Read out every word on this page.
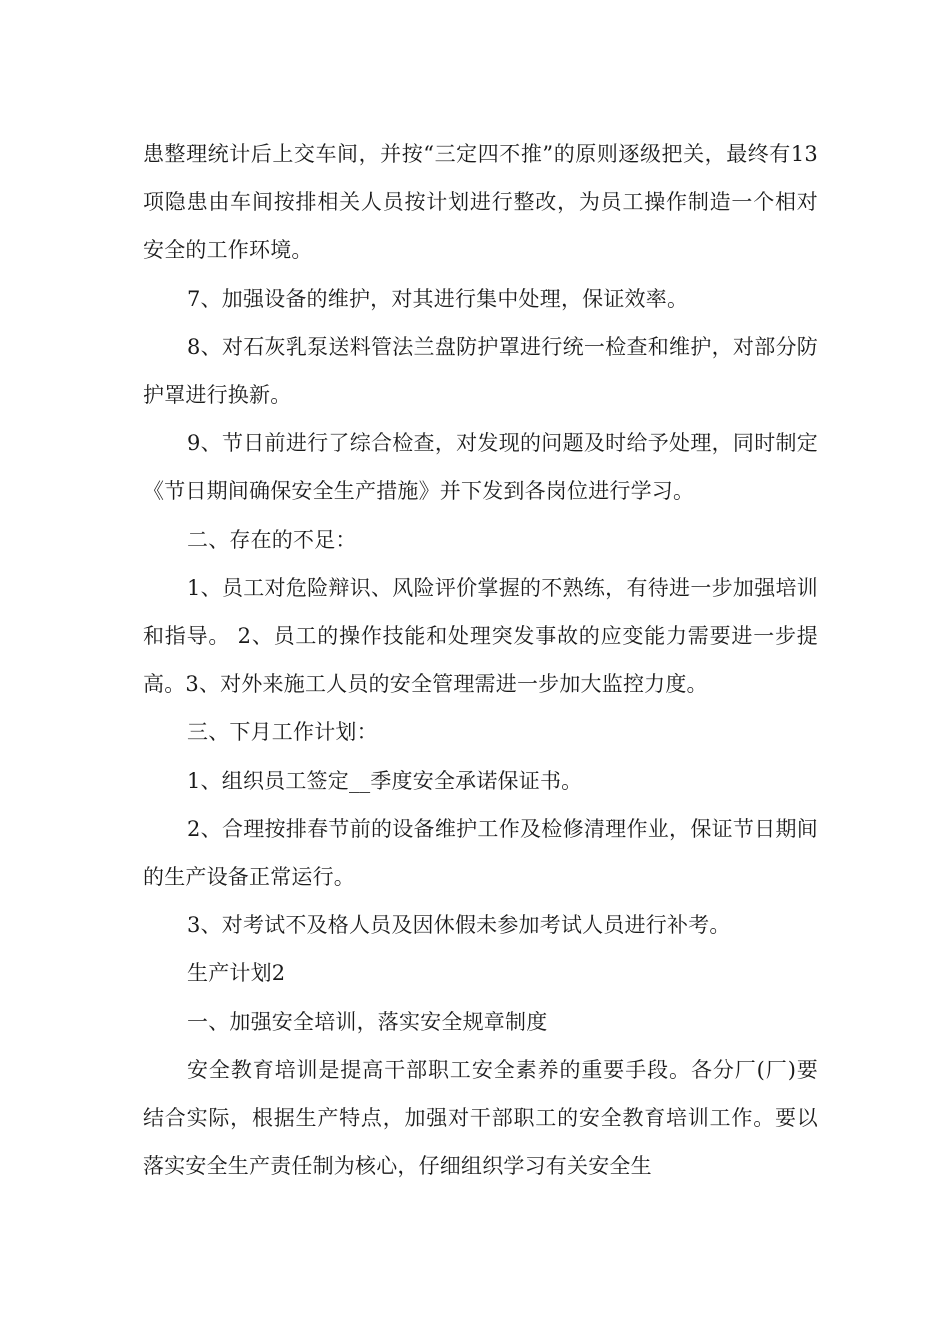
患整理统计后上交车间，并按“三定四不推”的原则逐级把关，最终有13项隐患由车间按排相关人员按计划进行整改，为员工操作制造一个相对安全的工作环境。

7、加强设备的维护，对其进行集中处理，保证效率。

8、对石灰乳泵送料管法兰盘防护罩进行统一检查和维护，对部分防护罩进行换新。

9、节日前进行了综合检查，对发现的问题及时给予处理，同时制定《节日期间确保安全生产措施》并下发到各岗位进行学习。

二、存在的不足：

1、员工对危险辩识、风险评价掌握的不熟练，有待进一步加强培训和指导。 2、员工的操作技能和处理突发事故的应变能力需要进一步提高。3、对外来施工人员的安全管理需进一步加大监控力度。

三、下月工作计划：

1、组织员工签定__季度安全承诺保证书。

2、合理按排春节前的设备维护工作及检修清理作业，保证节日期间的生产设备正常运行。

3、对考试不及格人员及因休假未参加考试人员进行补考。

生产计划2

一、加强安全培训，落实安全规章制度

安全教育培训是提高干部职工安全素养的重要手段。各分厂(厂)要结合实际，根据生产特点，加强对干部职工的安全教育培训工作。要以落实安全生产责任制为核心，仔细组织学习有关安全生
